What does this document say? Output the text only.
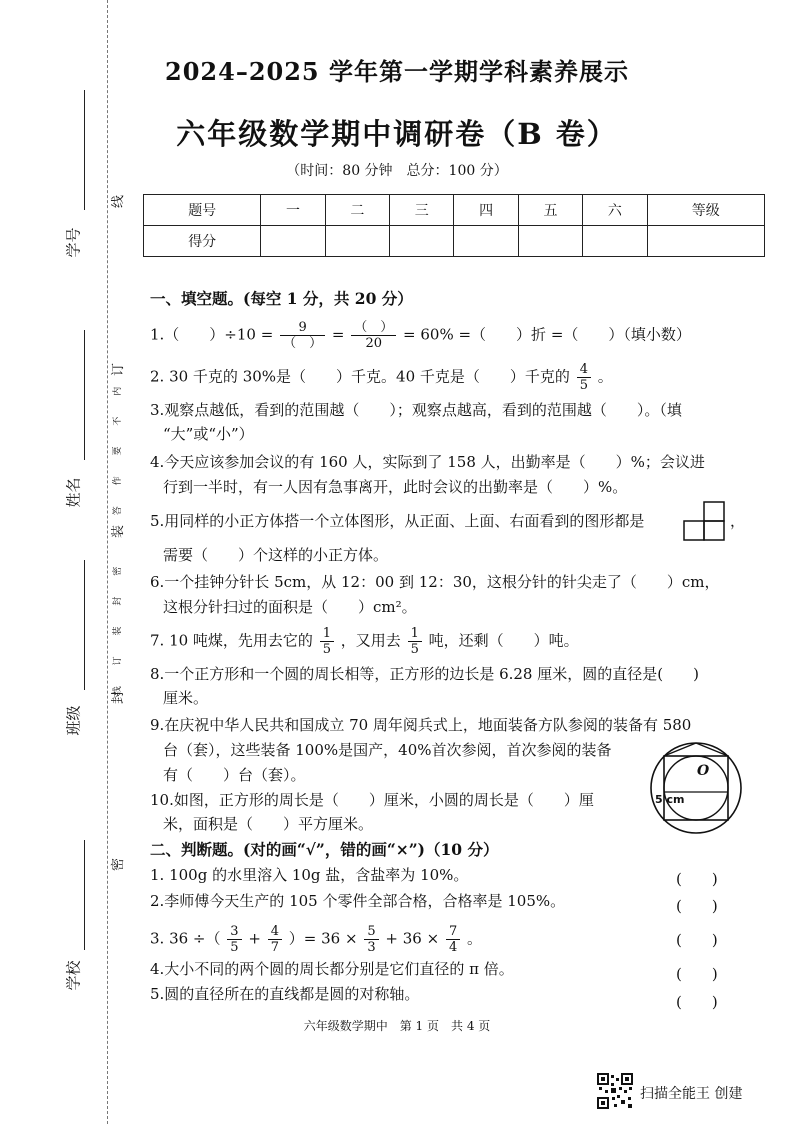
学号
姓名
班级
学校
线
订
装
封
密
答 作 要 不 内
线 订 装 封 密
2024–2025 学年第一学期学科素养展示
六年级数学期中调研卷（B 卷）
（时间：80 分钟　总分：100 分）
题号	一	二	三	四	五	六	等级
得分							
一、填空题。(每空 1 分，共 20 分）
1.（　　）$\div 10 = \frac{9}{( )} = \frac{( )}{20} = 60\%$ =（　　）折 =（　　）（填小数）
2. 30 千克的 30%是（　　）千克。40 千克是（　　）千克的 $\frac{4}{5}$ 。
3.观察点越低，看到的范围越（　　）；观察点越高，看到的范围越（　　）。（填
“大”或“小”）
4.今天应该参加会议的有 160 人，实际到了 158 人，出勤率是（　　）%；会议进
行到一半时，有一人因有急事离开，此时会议的出勤率是（　　）%。
5.用同样的小正方体搭一个立体图形，从正面、上面、右面看到的图形都是	，
需要（　　）个这样的小正方体。
6.一个挂钟分针长 5cm，从 12：00 到 12：30，这根分针的针尖走了（　　）cm，
这根分针扫过的面积是（　　）cm²。
7. 10 吨煤，先用去它的 $\frac{1}{5}$ ，又用去 $\frac{1}{5}$ 吨，还剩（　　）吨。
8.一个正方形和一个圆的周长相等，正方形的边长是 6.28 厘米，圆的直径是(　　)
厘米。
9.在庆祝中华人民共和国成立 70 周年阅兵式上，地面装备方队参阅的装备有 580
台（套），这些装备 100%是国产，40%首次参阅，首次参阅的装备
有（　　）台（套）。
10.如图，正方形的周长是（　　）厘米，小圆的周长是（　　）厘
米，面积是（　　）平方厘米。
O
5 cm
二、判断题。(对的画“√”，错的画“×”)（10 分）
1. 100g 的水里溶入 10g 盐，含盐率为 10%。	(　　)
2.李师傅今天生产的 105 个零件全部合格，合格率是 105%。	(　　)
3. 36 ÷（ $\frac{3}{5} + \frac{4}{7}$ ）= $36 \times \frac{5}{3} + 36 \times \frac{7}{4}$ 。	(　　)
4.大小不同的两个圆的周长都分别是它们直径的 π 倍。	(　　)
5.圆的直径所在的直线都是圆的对称轴。	(　　)
六年级数学期中　第 1 页　共 4 页
扫描全能王 创建
